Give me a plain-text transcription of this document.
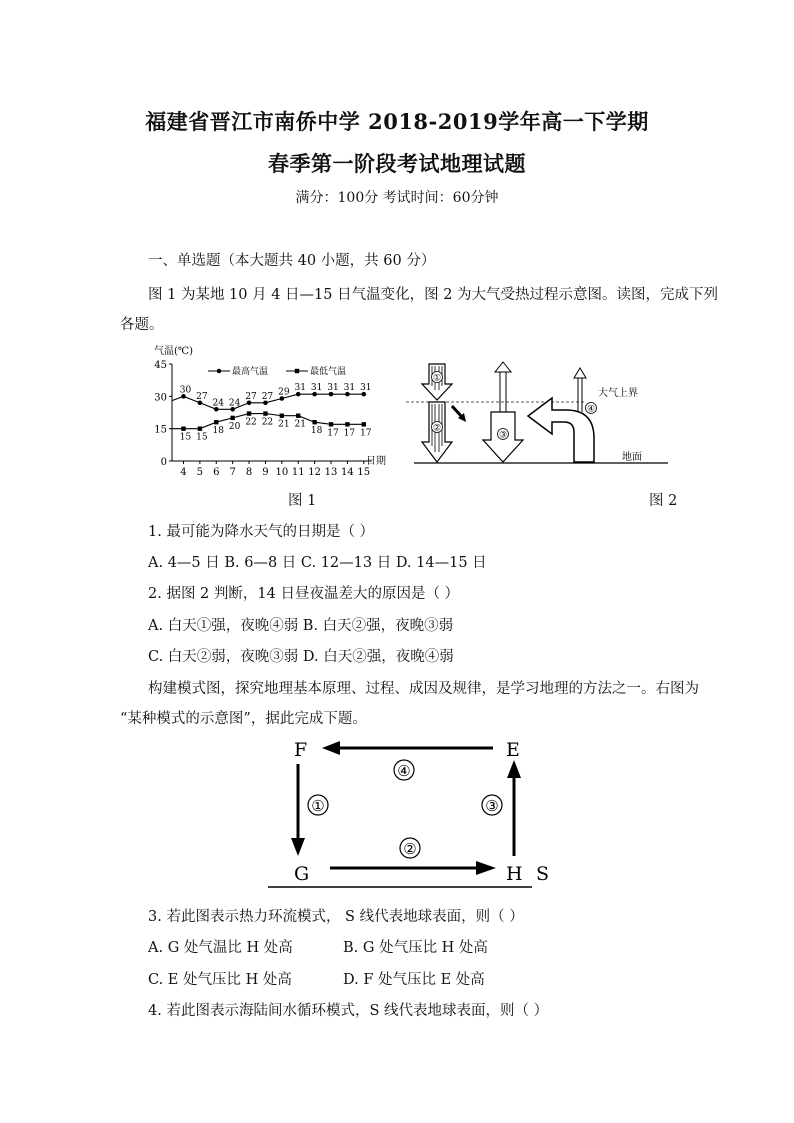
福建省晋江市南侨中学 2018-2019学年高一下学期
春季第一阶段考试地理试题
满分：100分 考试时间：60分钟
一、单选题（本大题共 40 小题，共 60 分）
图 1 为某地 10 月 4 日—15 日气温变化，图 2 为大气受热过程示意图。读图，完成下列
各题。
气温(℃)
0
15
30
45
4 5 6 7 8 9 10 11 12 13 14 15
最高气温	最低气温
30
27
24 24
27 27 29 31 31 31 31 31
15 15
18 20 22 22 21 21
18 17 17 17
日期
图 1
①
②
③
④
大气上界
地面
图 2
1. 最可能为降水天气的日期是（ ）
A. 4—5 日 B. 6—8 日 C. 12—13 日 D. 14—15 日
2. 据图 2 判断，14 日昼夜温差大的原因是（ ）
A. 白天①强，夜晚④弱 B. 白天②强，夜晚③弱
C. 白天②弱，夜晚③弱 D. 白天②强，夜晚④弱
构建模式图，探究地理基本原理、过程、成因及规律，是学习地理的方法之一。右图为
“某种模式的示意图”，据此完成下题。
F	E
G	H S
④
①	③
②
3. 若此图表示热力环流模式， S 线代表地球表面，则（ ）
A. G 处气温比 H 处高	B. G 处气压比 H 处高
C. E 处气压比 H 处高	D. F 处气压比 E 处高
4. 若此图表示海陆间水循环模式，S 线代表地球表面，则（ ）
